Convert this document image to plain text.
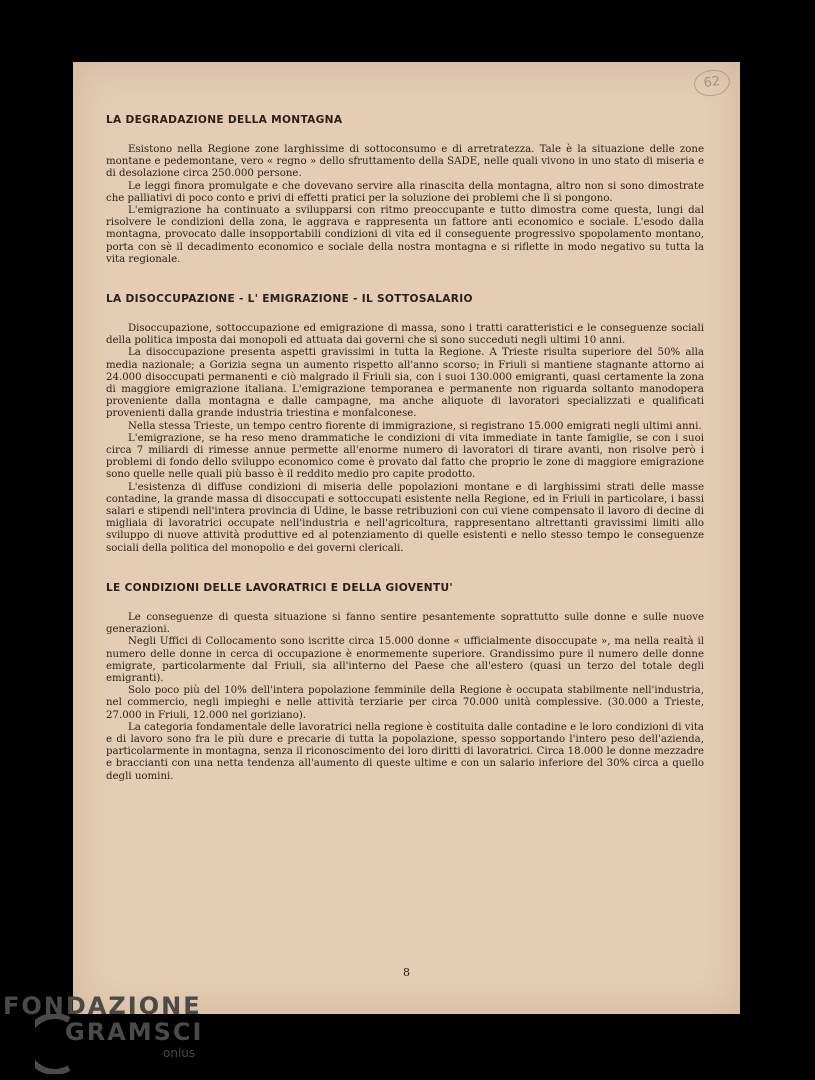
62
LA DEGRADAZIONE DELLA MONTAGNA

Esistono nella Regione zone larghissime di sottoconsumo e di arretratezza. Tale è la situazione delle zone montane e pedemontane, vero « regno » dello sfruttamento della SADE, nelle quali vivono in uno stato di miseria e di desolazione circa 250.000 persone.

Le leggi finora promulgate e che dovevano servire alla rinascita della montagna, altro non si sono dimostrate che palliativi di poco conto e privi di effetti pratici per la soluzione dei problemi che lì si pongono.

L'emigrazione ha continuato a svilupparsi con ritmo preoccupante e tutto dimostra come questa, lungi dal risolvere le condizioni della zona, le aggrava e rappresenta un fattore anti economico e sociale. L'esodo dalla montagna, provocato dalle insopportabili condizioni di vita ed il conseguente progressivo spopolamento montano, porta con sè il decadimento economico e sociale della nostra montagna e si riflette in modo negativo su tutta la vita regionale.

LA DISOCCUPAZIONE - L' EMIGRAZIONE - IL SOTTOSALARIO

Disoccupazione, sottoccupazione ed emigrazione di massa, sono i tratti caratteristici e le conseguenze sociali della politica imposta dai monopoli ed attuata dai governi che si sono succeduti negli ultimi 10 anni.

La disoccupazione presenta aspetti gravissimi in tutta la Regione. A Trieste risulta superiore del 50% alla media nazionale; a Gorizia segna un aumento rispetto all'anno scorso; in Friuli si mantiene stagnante attorno ai 24.000 disoccupati permanenti e ciò malgrado il Friuli sia, con i suoi 130.000 emigranti, quasi certamente la zona di maggiore emigrazione italiana. L'emigrazione temporanea e permanente non riguarda soltanto manodopera proveniente dalla montagna e dalle campagne, ma anche aliquote di lavoratori specializzati e qualificati provenienti dalla grande industria triestina e monfalconese.

Nella stessa Trieste, un tempo centro fiorente di immigrazione, si registrano 15.000 emigrati negli ultimi anni.

L'emigrazione, se ha reso meno drammatiche le condizioni di vita immediate in tante famiglie, se con i suoi circa 7 miliardi di rimesse annue permette all'enorme numero di lavoratori di tirare avanti, non risolve però i problemi di fondo dello sviluppo economico come è provato dal fatto che proprio le zone di maggiore emigrazione sono quelle nelle quali più basso è il reddito medio pro capite prodotto.

L'esistenza di diffuse condizioni di miseria delle popolazioni montane e di larghissimi strati delle masse contadine, la grande massa di disoccupati e sottoccupati esistente nella Regione, ed in Friuli in particolare, i bassi salari e stipendi nell'intera provincia di Udine, le basse retribuzioni con cui viene compensato il lavoro di decine di migliaia di lavoratrici occupate nell'industria e nell'agricoltura, rappresentano altrettanti gravissimi limiti allo sviluppo di nuove attività produttive ed al potenziamento di quelle esistenti e nello stesso tempo le conseguenze sociali della politica del monopolio e dei governi clericali.

LE CONDIZIONI DELLE LAVORATRICI E DELLA GIOVENTU'

Le conseguenze di questa situazione si fanno sentire pesantemente soprattutto sulle donne e sulle nuove generazioni.

Negli Uffici di Collocamento sono iscritte circa 15.000 donne « ufficialmente disoccupate », ma nella realtà il numero delle donne in cerca di occupazione è enormemente superiore. Grandissimo pure il numero delle donne emigrate, particolarmente dal Friuli, sia all'interno del Paese che all'estero (quasi un terzo del totale degli emigranti).

Solo poco più del 10% dell'intera popolazione femminile della Regione è occupata stabilmente nell'industria, nel commercio, negli impieghi e nelle attività terziarie per circa 70.000 unità complessive. (30.000 a Trieste, 27.000 in Friuli, 12.000 nel goriziano).

La categoria fondamentale delle lavoratrici nella regione è costituita dalle contadine e le loro condizioni di vita e di lavoro sono fra le più dure e precarie di tutta la popolazione, spesso sopportando l'intero peso dell'azienda, particolarmente in montagna, senza il riconoscimento dei loro diritti di lavoratrici. Circa 18.000 le donne mezzadre e braccianti con una netta tendenza all'aumento di queste ultime e con un salario inferiore del 30% circa a quello degli uomini.

8
FONDAZIONE
GRAMSCI
onlus
